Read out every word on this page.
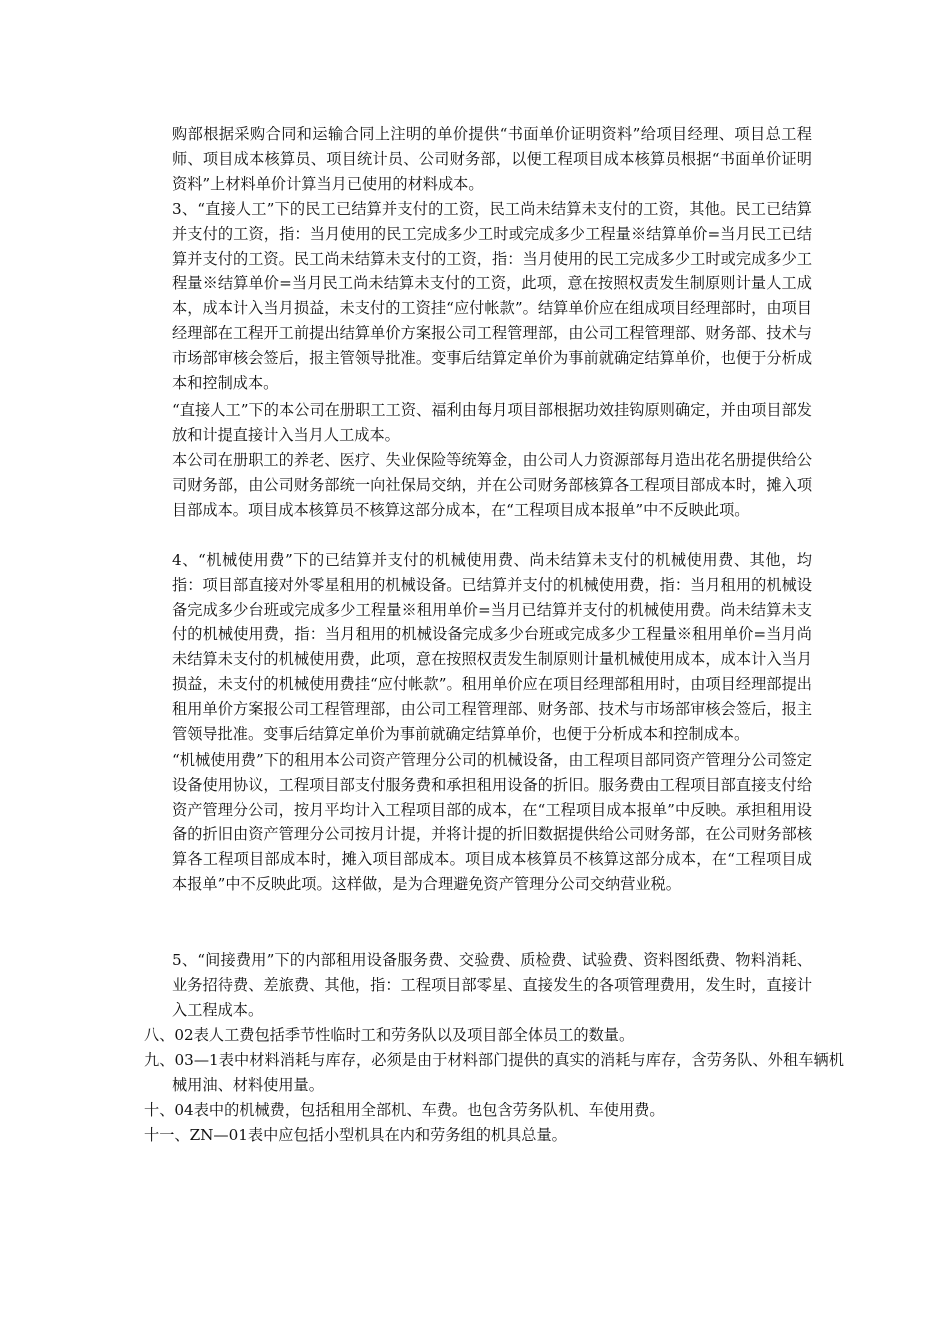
购部根据采购合同和运输合同上注明的单价提供“书面单价证明资料”给项目经理、项目总工程师、项目成本核算员、项目统计员、公司财务部，以便工程项目成本核算员根据“书面单价证明资料”上材料单价计算当月已使用的材料成本。

3、“直接人工”下的民工已结算并支付的工资，民工尚未结算未支付的工资，其他。民工已结算并支付的工资，指：当月使用的民工完成多少工时或完成多少工程量※结算单价=当月民工已结算并支付的工资。民工尚未结算未支付的工资，指：当月使用的民工完成多少工时或完成多少工程量※结算单价=当月民工尚未结算未支付的工资，此项，意在按照权责发生制原则计量人工成本，成本计入当月损益，未支付的工资挂“应付帐款”。结算单价应在组成项目经理部时，由项目经理部在工程开工前提出结算单价方案报公司工程管理部，由公司工程管理部、财务部、技术与市场部审核会签后，报主管领导批准。变事后结算定单价为事前就确定结算单价，也便于分析成本和控制成本。

“直接人工”下的本公司在册职工工资、福利由每月项目部根据功效挂钩原则确定，并由项目部发放和计提直接计入当月人工成本。

本公司在册职工的养老、医疗、失业保险等统筹金，由公司人力资源部每月造出花名册提供给公司财务部，由公司财务部统一向社保局交纳，并在公司财务部核算各工程项目部成本时，摊入项目部成本。项目成本核算员不核算这部分成本，在“工程项目成本报单”中不反映此项。

4、“机械使用费”下的已结算并支付的机械使用费、尚未结算未支付的机械使用费、其他，均指：项目部直接对外零星租用的机械设备。已结算并支付的机械使用费，指：当月租用的机械设备完成多少台班或完成多少工程量※租用单价=当月已结算并支付的机械使用费。尚未结算未支付的机械使用费，指：当月租用的机械设备完成多少台班或完成多少工程量※租用单价=当月尚未结算未支付的机械使用费，此项，意在按照权责发生制原则计量机械使用成本，成本计入当月损益，未支付的机械使用费挂“应付帐款”。租用单价应在项目经理部租用时，由项目经理部提出租用单价方案报公司工程管理部，由公司工程管理部、财务部、技术与市场部审核会签后，报主管领导批准。变事后结算定单价为事前就确定结算单价，也便于分析成本和控制成本。

“机械使用费”下的租用本公司资产管理分公司的机械设备，由工程项目部同资产管理分公司签定设备使用协议，工程项目部支付服务费和承担租用设备的折旧。服务费由工程项目部直接支付给资产管理分公司，按月平均计入工程项目部的成本，在“工程项目成本报单”中反映。承担租用设备的折旧由资产管理分公司按月计提，并将计提的折旧数据提供给公司财务部，在公司财务部核算各工程项目部成本时，摊入项目部成本。项目成本核算员不核算这部分成本，在“工程项目成本报单”中不反映此项。这样做，是为合理避免资产管理分公司交纳营业税。

5、“间接费用”下的内部租用设备服务费、交验费、质检费、试验费、资料图纸费、物料消耗、业务招待费、差旅费、其他，指：工程项目部零星、直接发生的各项管理费用，发生时，直接计入工程成本。

八、02表人工费包括季节性临时工和劳务队以及项目部全体员工的数量。

九、03—1表中材料消耗与库存，必须是由于材料部门提供的真实的消耗与库存，含劳务队、外租车辆机械用油、材料使用量。

十、04表中的机械费，包括租用全部机、车费。也包含劳务队机、车使用费。

十一、ZN—01表中应包括小型机具在内和劳务组的机具总量。
